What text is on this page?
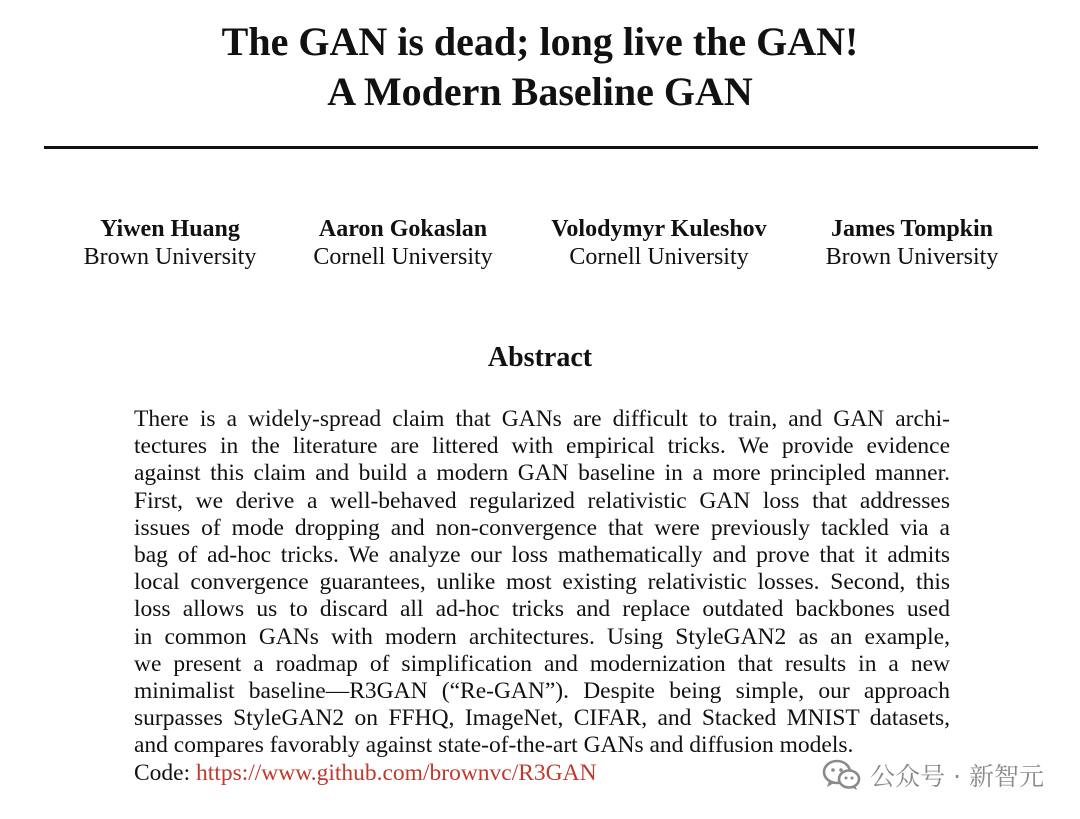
The GAN is dead; long live the GAN!
A Modern Baseline GAN
Yiwen Huang
Brown University
Aaron Gokaslan
Cornell University
Volodymyr Kuleshov
Cornell University
James Tompkin
Brown University
Abstract
There is a widely-spread claim that GANs are difficult to train, and GAN archi-
tectures in the literature are littered with empirical tricks. We provide evidence
against this claim and build a modern GAN baseline in a more principled manner.
First, we derive a well-behaved regularized relativistic GAN loss that addresses
issues of mode dropping and non-convergence that were previously tackled via a
bag of ad-hoc tricks. We analyze our loss mathematically and prove that it admits
local convergence guarantees, unlike most existing relativistic losses. Second, this
loss allows us to discard all ad-hoc tricks and replace outdated backbones used
in common GANs with modern architectures. Using StyleGAN2 as an example,
we present a roadmap of simplification and modernization that results in a new
minimalist baseline—R3GAN (“Re-GAN”). Despite being simple, our approach
surpasses StyleGAN2 on FFHQ, ImageNet, CIFAR, and Stacked MNIST datasets,
and compares favorably against state-of-the-art GANs and diffusion models.
Code: https://www.github.com/brownvc/R3GAN	公众号 · 新智元
